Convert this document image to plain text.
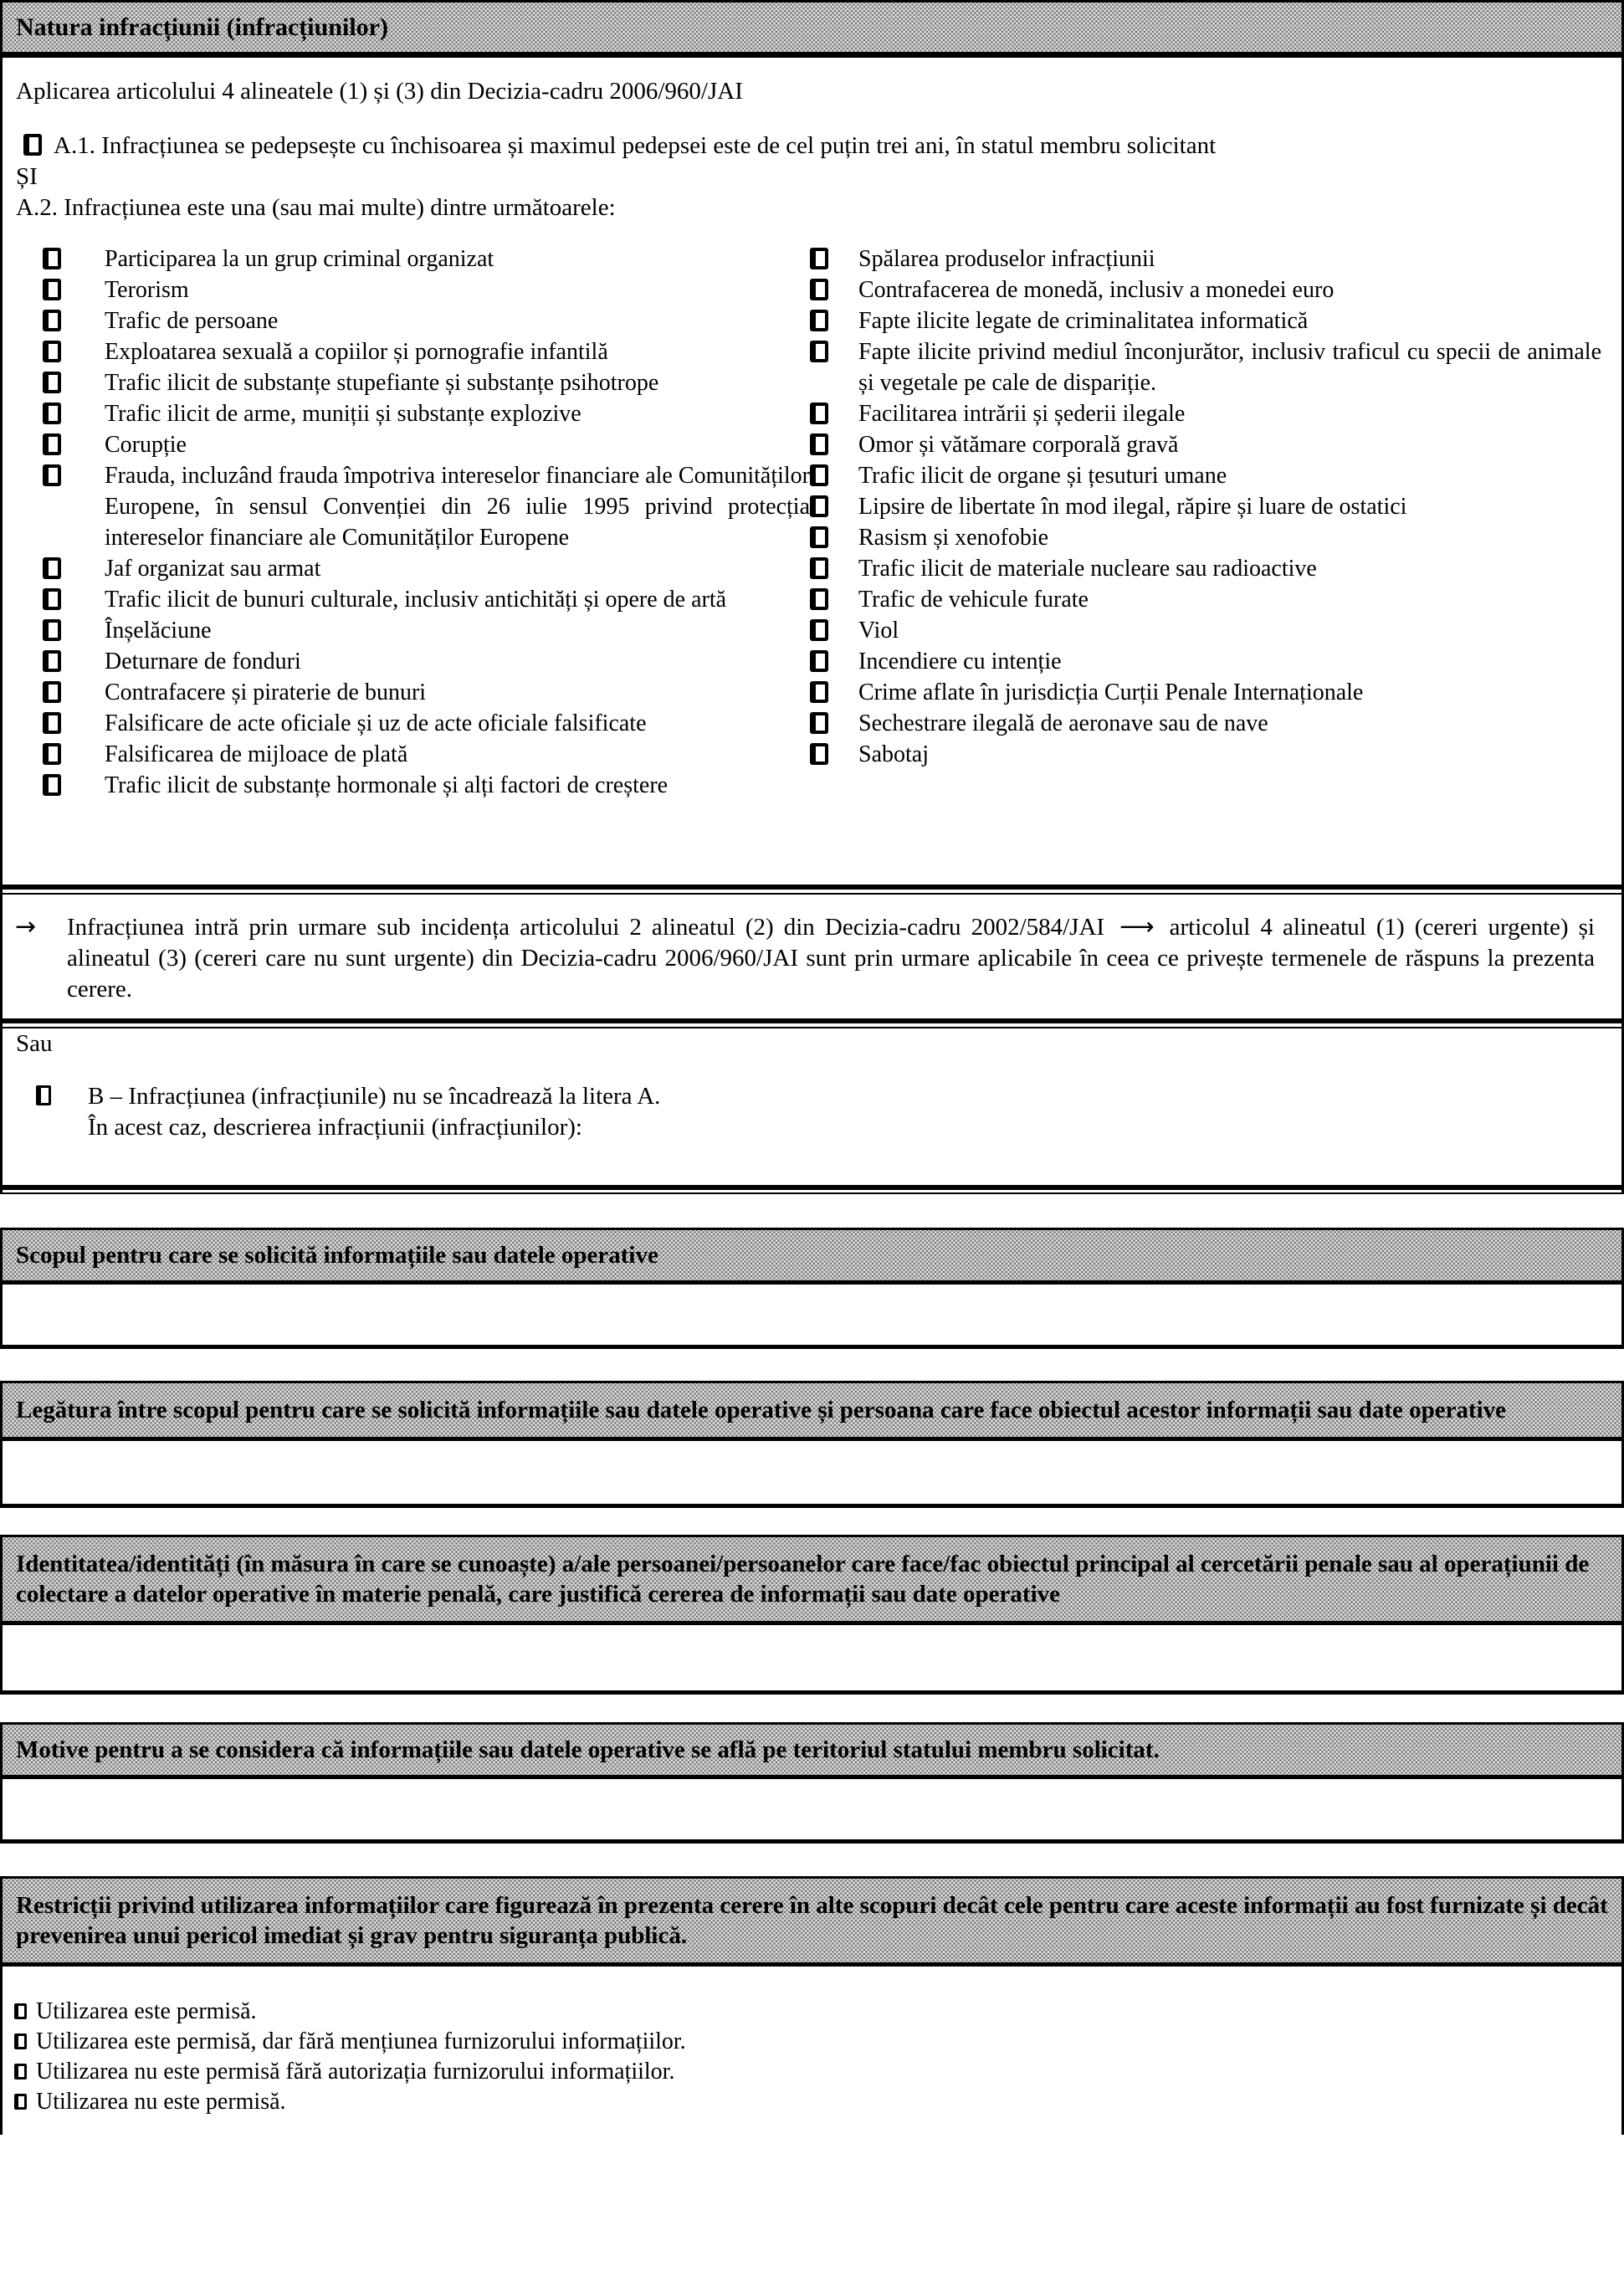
Natura infracțiunii (infracțiunilor)

Aplicarea articolului 4 alineatele (1) și (3) din Decizia-cadru 2006/960/JAI

A.1. Infracțiunea se pedepsește cu închisoarea și maximul pedepsei este de cel puțin trei ani, în statul membru solicitant

ȘI

A.2. Infracțiunea este una (sau mai multe) dintre următoarele:

Participarea la un grup criminal organizat
Terorism
Trafic de persoane
Exploatarea sexuală a copiilor și pornografie infantilă
Trafic ilicit de substanțe stupefiante și substanțe psihotrope
Trafic ilicit de arme, muniții și substanțe explozive
Corupție
Frauda, incluzând frauda împotriva intereselor financiare ale Comunităților Europene, în sensul Convenției din 26 iulie 1995 privind protecția intereselor financiare ale Comunităților Europene
Jaf organizat sau armat
Trafic ilicit de bunuri culturale, inclusiv antichități și opere de artă
Înșelăciune
Deturnare de fonduri
Contrafacere și piraterie de bunuri
Falsificare de acte oficiale și uz de acte oficiale falsificate
Falsificarea de mijloace de plată
Trafic ilicit de substanțe hormonale și alți factori de creștere
Spălarea produselor infracțiunii
Contrafacerea de monedă, inclusiv a monedei euro
Fapte ilicite legate de criminalitatea informatică
Fapte ilicite privind mediul înconjurător, inclusiv traficul cu specii de animale și vegetale pe cale de dispariție.
Facilitarea intrării și șederii ilegale
Omor și vătămare corporală gravă
Trafic ilicit de organe și țesuturi umane
Lipsire de libertate în mod ilegal, răpire și luare de ostatici
Rasism și xenofobie
Trafic ilicit de materiale nucleare sau radioactive
Trafic de vehicule furate
Viol
Incendiere cu intenție
Crime aflate în jurisdicția Curții Penale Internaționale
Sechestrare ilegală de aeronave sau de nave
Sabotaj
→	Infracțiunea intră prin urmare sub incidența articolului 2 alineatul (2) din Decizia-cadru 2002/584/JAI ⟶ articolul 4 alineatul (1) (cereri urgente) și alineatul (3) (cereri care nu sunt urgente) din Decizia-cadru 2006/960/JAI sunt prin urmare aplicabile în ceea ce privește termenele de răspuns la prezenta cerere.

Sau

B – Infracțiunea (infracțiunile) nu se încadrează la litera A.
În acest caz, descrierea infracțiunii (infracțiunilor):
Scopul pentru care se solicită informațiile sau datele operative
Legătura între scopul pentru care se solicită informațiile sau datele operative și persoana care face obiectul acestor informații sau date operative
Identitatea/identități (în măsura în care se cunoaște) a/ale persoanei/persoanelor care face/fac obiectul principal al cercetării penale sau al operațiunii de colectare a datelor operative în materie penală, care justifică cererea de informații sau date operative
Motive pentru a se considera că informațiile sau datele operative se află pe teritoriul statului membru solicitat.
Restricții privind utilizarea informațiilor care figurează în prezenta cerere în alte scopuri decât cele pentru care aceste informații au fost furnizate și decât prevenirea unui pericol imediat și grav pentru siguranța publică.
Utilizarea este permisă.
Utilizarea este permisă, dar fără mențiunea furnizorului informațiilor.
Utilizarea nu este permisă fără autorizația furnizorului informațiilor.
Utilizarea nu este permisă.
